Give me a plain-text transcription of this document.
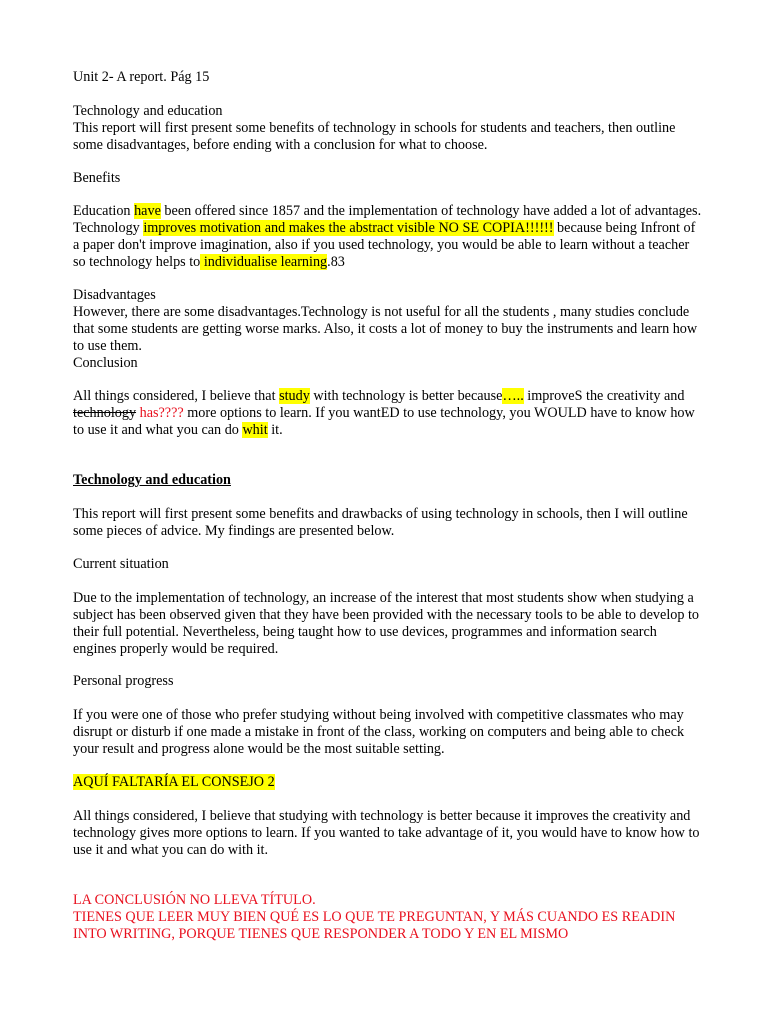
Unit 2- A report. Pág 15

Technology and education

This report will first present some benefits of technology in schools for students and teachers, then outline some disadvantages, before ending with a conclusion for what to choose.

Benefits

Education have been offered since 1857 and the implementation of technology have added a lot of advantages. Technology improves motivation and makes the abstract visible NO SE COPIA!!!!!! because being Infront of a paper don't improve imagination, also if you used technology, you would be able to learn without a teacher so technology helps to individualise learning.83

Disadvantages

However, there are some disadvantages.Technology is not useful for all the students , many studies conclude that some students are getting worse marks. Also, it costs a lot of money to buy the instruments and learn how to use them.

Conclusion

All things considered, I believe that study with technology is better because….. improveS the creativity and technology has???? more options to learn. If you wantED to use technology, you WOULD have to know how to use it and what you can do whit it.

Technology and education

This report will first present some benefits and drawbacks of using technology in schools, then I will outline some pieces of advice. My findings are presented below.

Current situation

Due to the implementation of technology, an increase of the interest that most students show when studying a subject has been observed given that they have been provided with the necessary tools to be able to develop to their full potential. Nevertheless, being taught how to use devices, programmes and information search engines properly would be required.

Personal progress

If you were one of those who prefer studying without being involved with competitive classmates who may disrupt or disturb if one made a mistake in front of the class, working on computers and being able to check your result and progress alone would be the most suitable setting.

AQUÍ FALTARÍA EL CONSEJO 2

All things considered, I believe that studying with technology is better because it improves the creativity and technology gives more options to learn. If you wanted to take advantage of it, you would have to know how to use it and what you can do with it.

LA CONCLUSIÓN NO LLEVA TÍTULO.

TIENES QUE LEER MUY BIEN QUÉ ES LO QUE TE PREGUNTAN, Y MÁS CUANDO ES READIN INTO WRITING, PORQUE TIENES QUE RESPONDER A TODO Y EN EL MISMO
